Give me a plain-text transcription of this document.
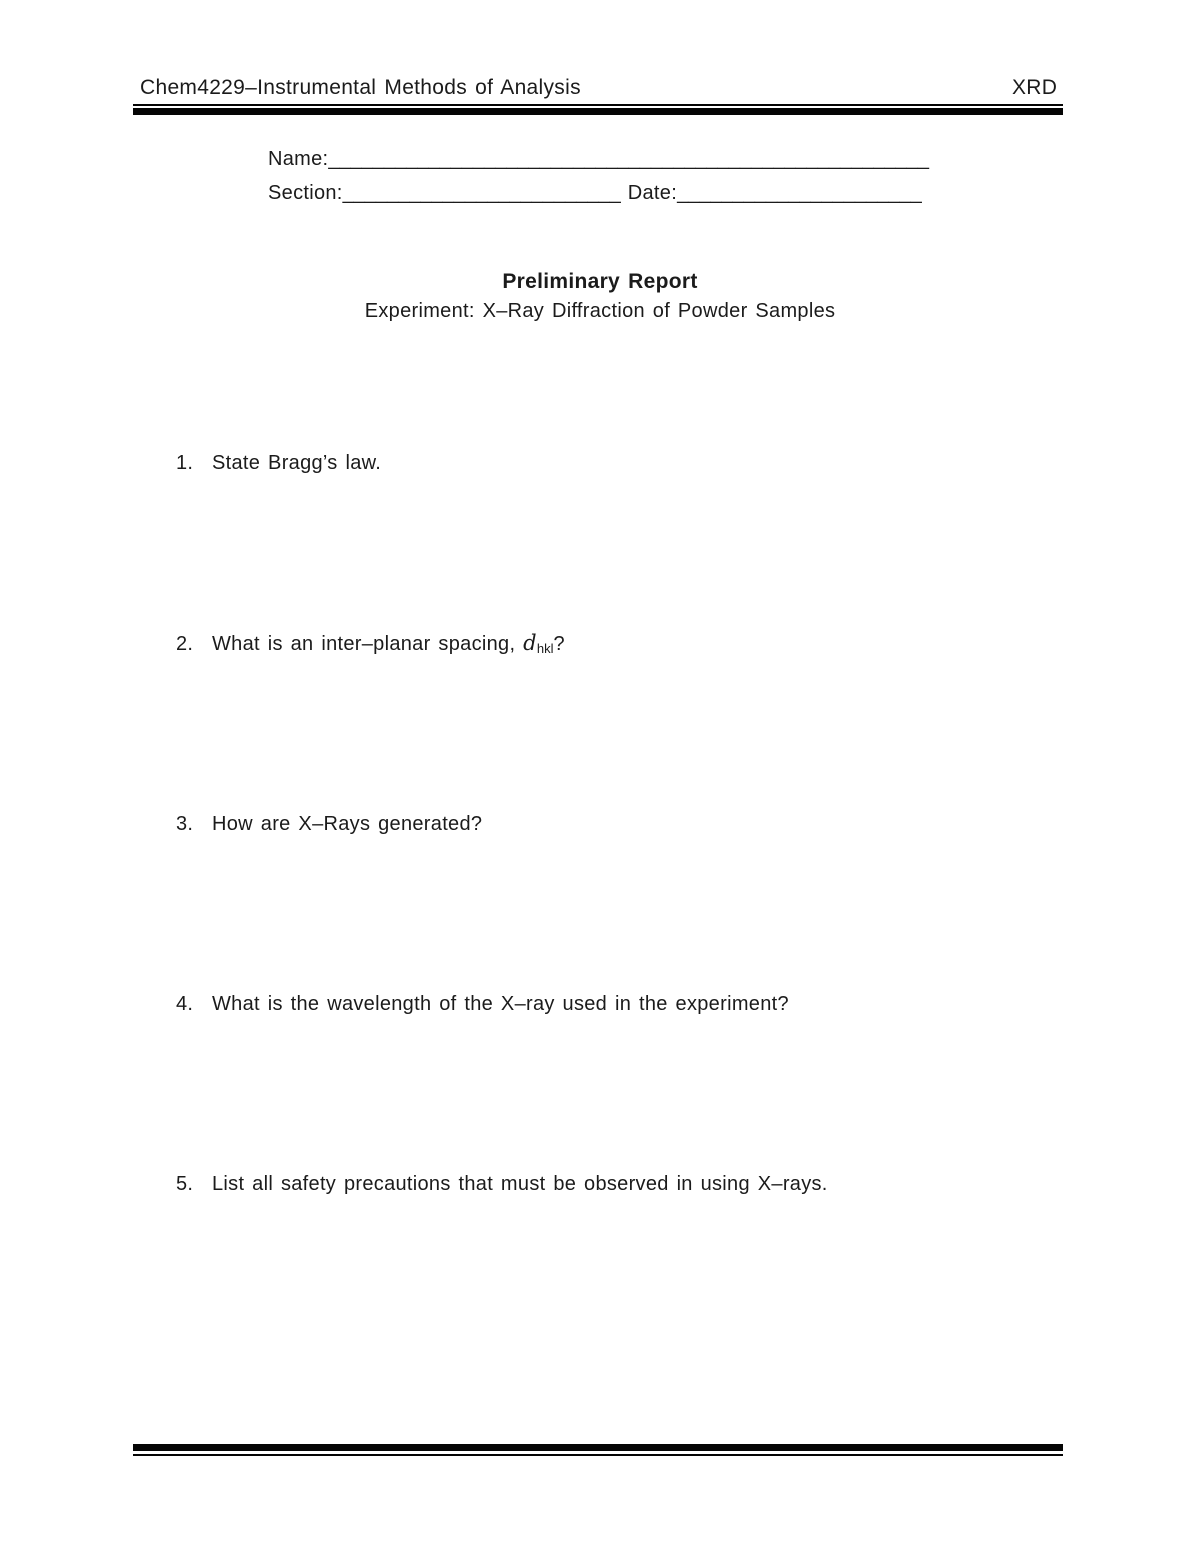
Chem4229–Instrumental Methods of Analysis	XRD
Name:______________________________________________________
Section:_________________________ Date:______________________
Preliminary Report
Experiment: X–Ray Diffraction of Powder Samples
1. State Bragg’s law.
2. What is an inter–planar spacing, dhkl?
3. How are X–Rays generated?
4. What is the wavelength of the X–ray used in the experiment?
5. List all safety precautions that must be observed in using X–rays.
